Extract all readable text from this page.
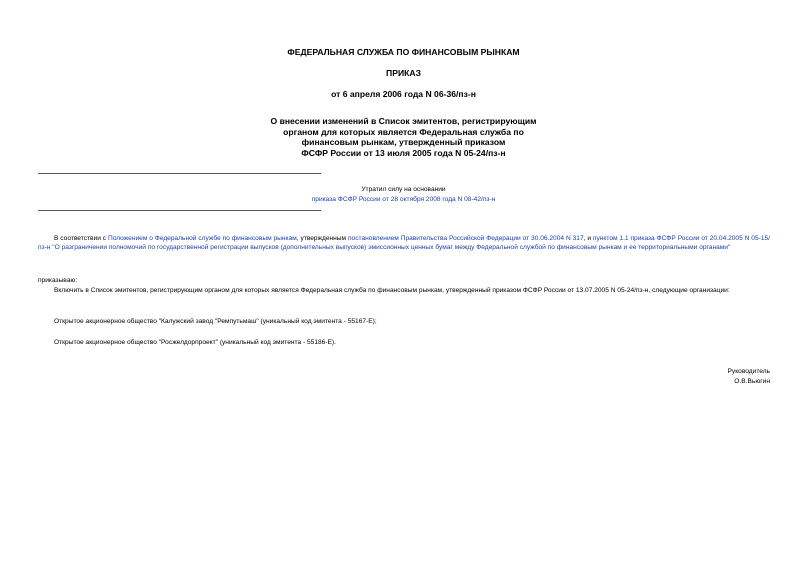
ФЕДЕРАЛЬНАЯ СЛУЖБА ПО ФИНАНСОВЫМ РЫНКАМ
ПРИКАЗ
от 6 апреля 2006 года N 06-36/пз-н
О внесении изменений в Список эмитентов, регистрирующим
органом для которых является Федеральная служба по
финансовым рынкам, утвержденный приказом
ФСФР России от 13 июля 2005 года N 05-24/пз-н
Утратил силу на основании
приказа ФСФР России от 28 октября 2008 года N 08-42/пз-н
В соответствии с Положением о Федеральной службе по финансовым рынкам, утвержденным постановлением Правительства Российской Федерации от 30.06.2004 N 317, и пунктом 1.1 приказа ФСФР России от 20.04.2005 N 05-15/пз-н "О разграничении полномочий по государственной регистрации выпусков (дополнительных выпусков) эмиссионных ценных бумаг между Федеральной службой по финансовым рынкам и ее территориальными органами"
приказываю:
Включить в Список эмитентов, регистрирующим органом для которых является Федеральная служба по финансовым рынкам, утвержденный приказом ФСФР России от 13.07.2005 N 05-24/пз-н, следующие организации:
Открытое акционерное общество "Калужский завод "Ремпутьмаш" (уникальный код эмитента - 55167-E);
Открытое акционерное общество "Росжелдорпроект" (уникальный код эмитента - 55186-E).
Руководитель
О.В.Вьюгин
